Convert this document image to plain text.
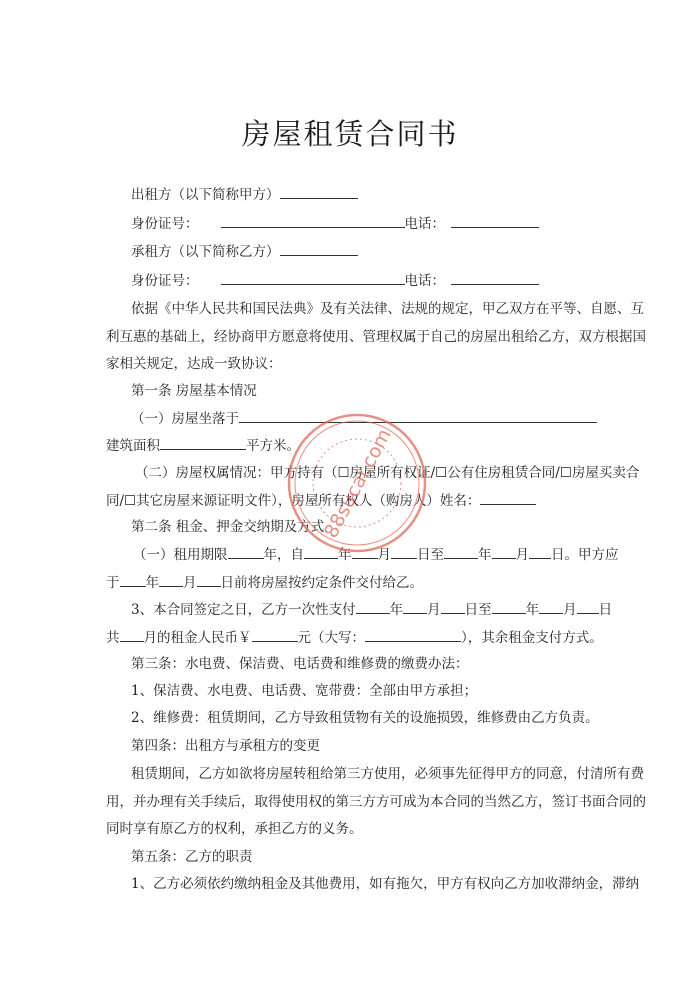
房屋租赁合同书
出租方（以下简称甲方）
身份证号：	电话：
承租方（以下简称乙方）
身份证号：	电话：
依据《中华人民共和国民法典》及有关法律、法规的规定，甲乙双方在平等、自愿、互
利互惠的基础上，经协商甲方愿意将使用、管理权属于自己的房屋出租给乙方，双方根据国
家相关规定，达成一致协议：
第一条 房屋基本情况
（一）房屋坐落于
建筑面积	平方米。
（二）房屋权属情况：甲方持有（☐房屋所有权证/☐公有住房租赁合同/☐房屋买卖合
同/☐其它房屋来源证明文件），房屋所有权人（购房人）姓名：
第二条 租金、押金交纳期及方式
（一）租用期限	年，自	年 月 日至	年 月 日。甲方应
于 年 月 日前将房屋按约定条件交付给乙。
3、本合同签定之日，乙方一次性支付	年 月 日至	年 月 日
共 月的租金人民币￥	元（大写：	），其余租金支付方式。
第三条：水电费、保洁费、电话费和维修费的缴费办法：
1、保洁费、水电费、电话费、宽带费：全部由甲方承担；
2、维修费：租赁期间，乙方导致租赁物有关的设施损毁，维修费由乙方负责。
第四条：出租方与承租方的变更
租赁期间，乙方如欲将房屋转租给第三方使用，必须事先征得甲方的同意，付清所有费
用，并办理有关手续后，取得使用权的第三方方可成为本合同的当然乙方，签订书面合同的
同时享有原乙方的权利，承担乙方的义务。
第五条：乙方的职责
1、乙方必须依约缴纳租金及其他费用，如有拖欠，甲方有权向乙方加收滞纳金，滞纳
88sucai.com
